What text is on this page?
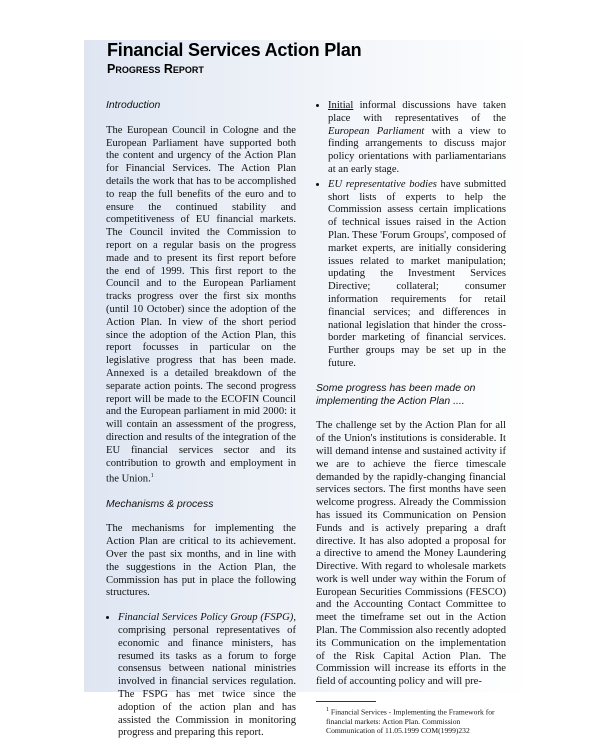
Financial Services Action Plan
Progress Report
Introduction

The European Council in Cologne and the European Parliament have supported both the content and urgency of the Action Plan for Financial Services. The Action Plan details the work that has to be accomplished to reap the full benefits of the euro and to ensure the continued stability and competitiveness of EU financial markets. The Council invited the Commission to report on a regular basis on the progress made and to present its first report before the end of 1999. This first report to the Council and to the European Parliament tracks progress over the first six months (until 10 October) since the adoption of the Action Plan. In view of the short period since the adoption of the Action Plan, this report focusses in particular on the legislative progress that has been made. Annexed is a detailed breakdown of the separate action points. The second progress report will be made to the ECOFIN Council and the European parliament in mid 2000: it will contain an assessment of the progress, direction and results of the integration of the EU financial services sector and its contribution to growth and employment in the Union.$^1$

Mechanisms & process

The mechanisms for implementing the Action Plan are critical to its achievement. Over the past six months, and in line with the suggestions in the Action Plan, the Commission has put in place the following structures.

• Financial Services Policy Group (FSPG), comprising personal representatives of economic and finance ministers, has resumed its tasks as a forum to forge consensus between national ministries involved in financial services regulation. The FSPG has met twice since the adoption of the action plan and has assisted the Commission in monitoring progress and preparing this report.
• Initial informal discussions have taken place with representatives of the European Parliament with a view to finding arrangements to discuss major policy orientations with parliamentarians at an early stage.
• EU representative bodies have submitted short lists of experts to help the Commission assess certain implications of technical issues raised in the Action Plan. These 'Forum Groups', composed of market experts, are initially considering issues related to market manipulation; updating the Investment Services Directive; collateral; consumer information requirements for retail financial services; and differences in national legislation that hinder the cross-border marketing of financial services. Further groups may be set up in the future.
Some progress has been made on implementing the Action Plan ....

The challenge set by the Action Plan for all of the Union's institutions is considerable. It will demand intense and sustained activity if we are to achieve the fierce timescale demanded by the rapidly-changing financial services sectors. The first months have seen welcome progress. Already the Commission has issued its Communication on Pension Funds and is actively preparing a draft directive. It has also adopted a proposal for a directive to amend the Money Laundering Directive. With regard to wholesale markets work is well under way within the Forum of European Securities Commissions (FESCO) and the Accounting Contact Committee to meet the timeframe set out in the Action Plan. The Commission also recently adopted its Communication on the implementation of the Risk Capital Action Plan. The Commission will increase its efforts in the field of accounting policy and will pre-

$^1$ Financial Services - Implementing the Framework for financial markets: Action Plan. Commission Communication of 11.05.1999 COM(1999)232
